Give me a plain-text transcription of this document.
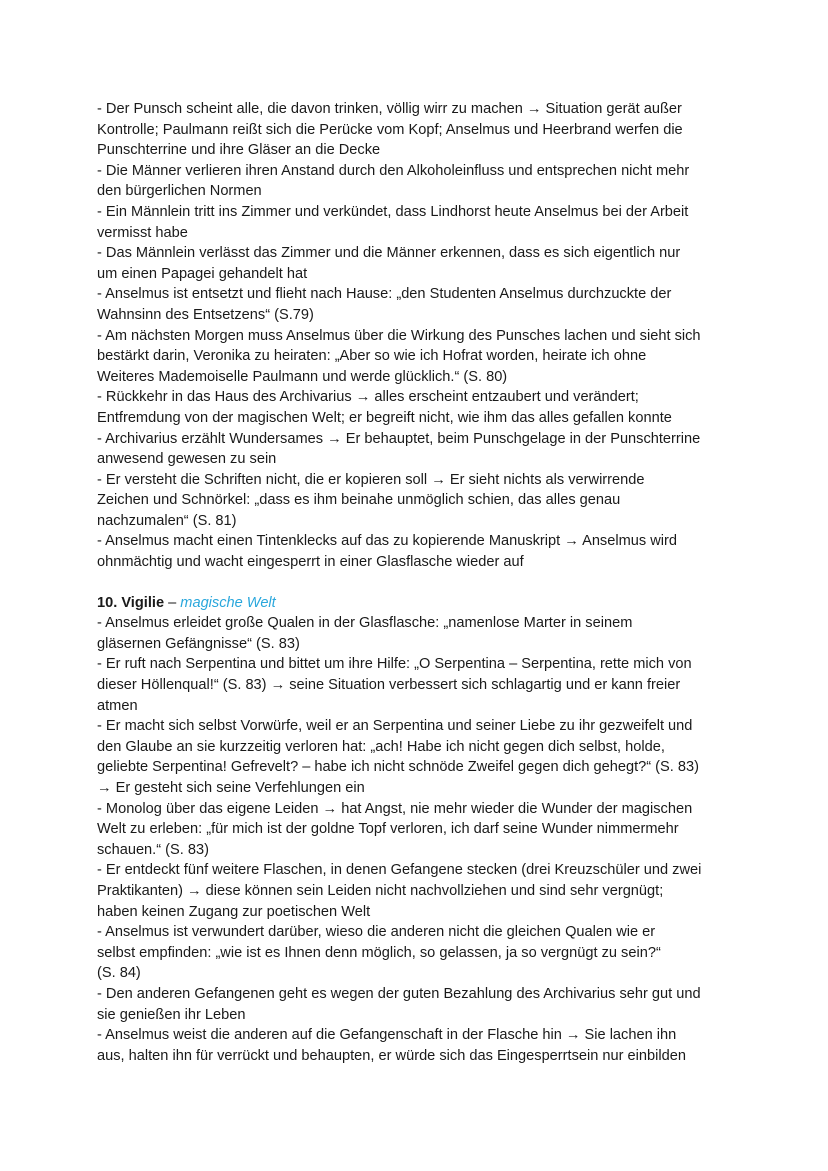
- Der Punsch scheint alle, die davon trinken, völlig wirr zu machen → Situation gerät außer
Kontrolle; Paulmann reißt sich die Perücke vom Kopf; Anselmus und Heerbrand werfen die
Punschterrine und ihre Gläser an die Decke
- Die Männer verlieren ihren Anstand durch den Alkoholeinfluss und entsprechen nicht mehr
den bürgerlichen Normen
- Ein Männlein tritt ins Zimmer und verkündet, dass Lindhorst heute Anselmus bei der Arbeit
vermisst habe
- Das Männlein verlässt das Zimmer und die Männer erkennen, dass es sich eigentlich nur
um einen Papagei gehandelt hat
- Anselmus ist entsetzt und flieht nach Hause: „den Studenten Anselmus durchzuckte der
Wahnsinn des Entsetzens“ (S.79)
- Am nächsten Morgen muss Anselmus über die Wirkung des Punsches lachen und sieht sich
bestärkt darin, Veronika zu heiraten: „Aber so wie ich Hofrat worden, heirate ich ohne
Weiteres Mademoiselle Paulmann und werde glücklich.“ (S. 80)
- Rückkehr in das Haus des Archivarius → alles erscheint entzaubert und verändert;
Entfremdung von der magischen Welt; er begreift nicht, wie ihm das alles gefallen konnte
- Archivarius erzählt Wundersames → Er behauptet, beim Punschgelage in der Punschterrine
anwesend gewesen zu sein
- Er versteht die Schriften nicht, die er kopieren soll → Er sieht nichts als verwirrende
Zeichen und Schnörkel: „dass es ihm beinahe unmöglich schien, das alles genau
nachzumalen“ (S. 81)
- Anselmus macht einen Tintenklecks auf das zu kopierende Manuskript → Anselmus wird
ohnmächtig und wacht eingesperrt in einer Glasflasche wieder auf
10. Vigilie – magische Welt
- Anselmus erleidet große Qualen in der Glasflasche: „namenlose Marter in seinem
gläsernen Gefängnisse“ (S. 83)
- Er ruft nach Serpentina und bittet um ihre Hilfe: „O Serpentina – Serpentina, rette mich von
dieser Höllenqual!“ (S. 83) → seine Situation verbessert sich schlagartig und er kann freier
atmen
- Er macht sich selbst Vorwürfe, weil er an Serpentina und seiner Liebe zu ihr gezweifelt und
den Glaube an sie kurzzeitig verloren hat: „ach! Habe ich nicht gegen dich selbst, holde,
geliebte Serpentina! Gefrevelt? – habe ich nicht schnöde Zweifel gegen dich gehegt?“ (S. 83)
→ Er gesteht sich seine Verfehlungen ein
- Monolog über das eigene Leiden → hat Angst, nie mehr wieder die Wunder der magischen
Welt zu erleben: „für mich ist der goldne Topf verloren, ich darf seine Wunder nimmermehr
schauen.“ (S. 83)
- Er entdeckt fünf weitere Flaschen, in denen Gefangene stecken (drei Kreuzschüler und zwei
Praktikanten) → diese können sein Leiden nicht nachvollziehen und sind sehr vergnügt;
haben keinen Zugang zur poetischen Welt
- Anselmus ist verwundert darüber, wieso die anderen nicht die gleichen Qualen wie er
selbst empfinden: „wie ist es Ihnen denn möglich, so gelassen, ja so vergnügt zu sein?“
(S. 84)
- Den anderen Gefangenen geht es wegen der guten Bezahlung des Archivarius sehr gut und
sie genießen ihr Leben
- Anselmus weist die anderen auf die Gefangenschaft in der Flasche hin → Sie lachen ihn
aus, halten ihn für verrückt und behaupten, er würde sich das Eingesperrtsein nur einbilden
